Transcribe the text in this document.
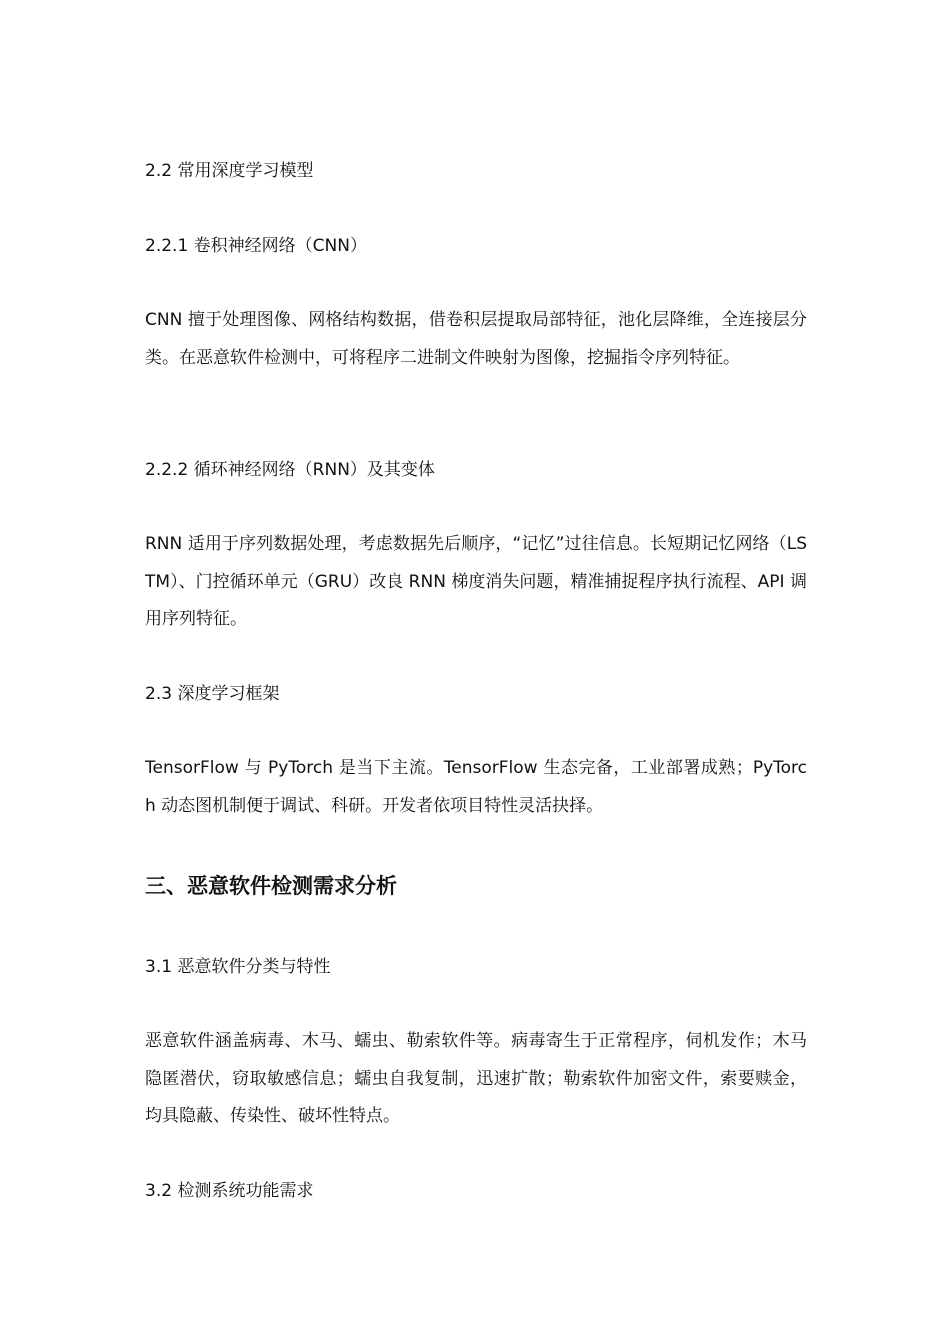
2.2 常用深度学习模型
2.2.1 卷积神经网络（CNN）

CNN 擅于处理图像、网格结构数据，借卷积层提取局部特征，池化层降维，全连接层分类。在恶意软件检测中，可将程序二进制文件映射为图像，挖掘指令序列特征。

2.2.2 循环神经网络（RNN）及其变体

RNN 适用于序列数据处理，考虑数据先后顺序，“记忆”过往信息。长短期记忆网络（LSTM）、门控循环单元（GRU）改良 RNN 梯度消失问题，精准捕捉程序执行流程、API 调用序列特征。

2.3 深度学习框架

TensorFlow 与 PyTorch 是当下主流。TensorFlow 生态完备，工业部署成熟；PyTorch 动态图机制便于调试、科研。开发者依项目特性灵活抉择。

三、恶意软件检测需求分析
3.1 恶意软件分类与特性

恶意软件涵盖病毒、木马、蠕虫、勒索软件等。病毒寄生于正常程序，伺机发作；木马隐匿潜伏，窃取敏感信息；蠕虫自我复制，迅速扩散；勒索软件加密文件，索要赎金，均具隐蔽、传染性、破坏性特点。

3.2 检测系统功能需求
